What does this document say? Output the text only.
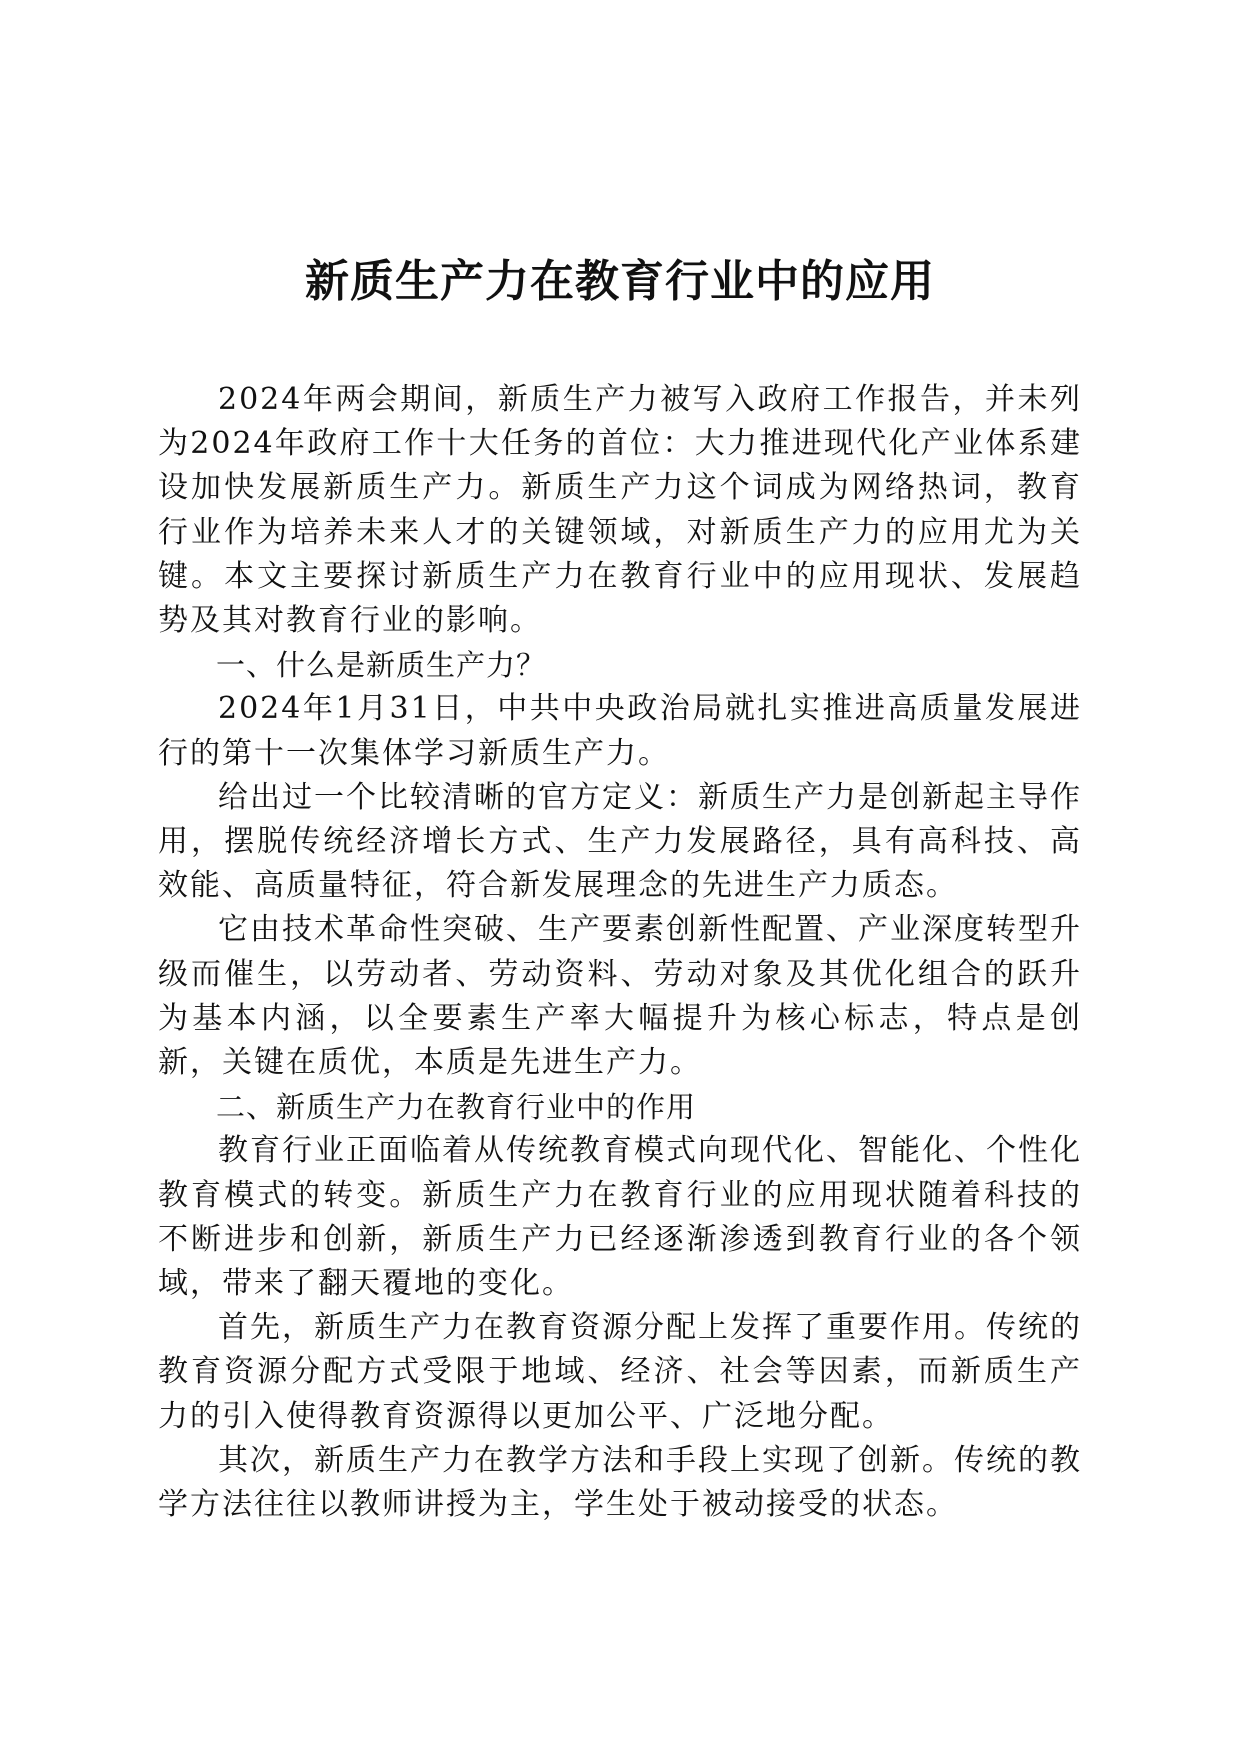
新质生产力在教育行业中的应用

2024年两会期间，新质生产力被写入政府工作报告，并未列为2024年政府工作十大任务的首位：大力推进现代化产业体系建设加快发展新质生产力。新质生产力这个词成为网络热词，教育行业作为培养未来人才的关键领域，对新质生产力的应用尤为关键。本文主要探讨新质生产力在教育行业中的应用现状、发展趋势及其对教育行业的影响。

一、什么是新质生产力？

2024年1月31日，中共中央政治局就扎实推进高质量发展进行的第十一次集体学习新质生产力。

给出过一个比较清晰的官方定义：新质生产力是创新起主导作用，摆脱传统经济增长方式、生产力发展路径，具有高科技、高效能、高质量特征，符合新发展理念的先进生产力质态。

它由技术革命性突破、生产要素创新性配置、产业深度转型升级而催生，以劳动者、劳动资料、劳动对象及其优化组合的跃升为基本内涵，以全要素生产率大幅提升为核心标志，特点是创新，关键在质优，本质是先进生产力。

二、新质生产力在教育行业中的作用

教育行业正面临着从传统教育模式向现代化、智能化、个性化教育模式的转变。新质生产力在教育行业的应用现状随着科技的不断进步和创新，新质生产力已经逐渐渗透到教育行业的各个领域，带来了翻天覆地的变化。

首先，新质生产力在教育资源分配上发挥了重要作用。传统的教育资源分配方式受限于地域、经济、社会等因素，而新质生产力的引入使得教育资源得以更加公平、广泛地分配。

其次，新质生产力在教学方法和手段上实现了创新。传统的教学方法往往以教师讲授为主，学生处于被动接受的状态。
